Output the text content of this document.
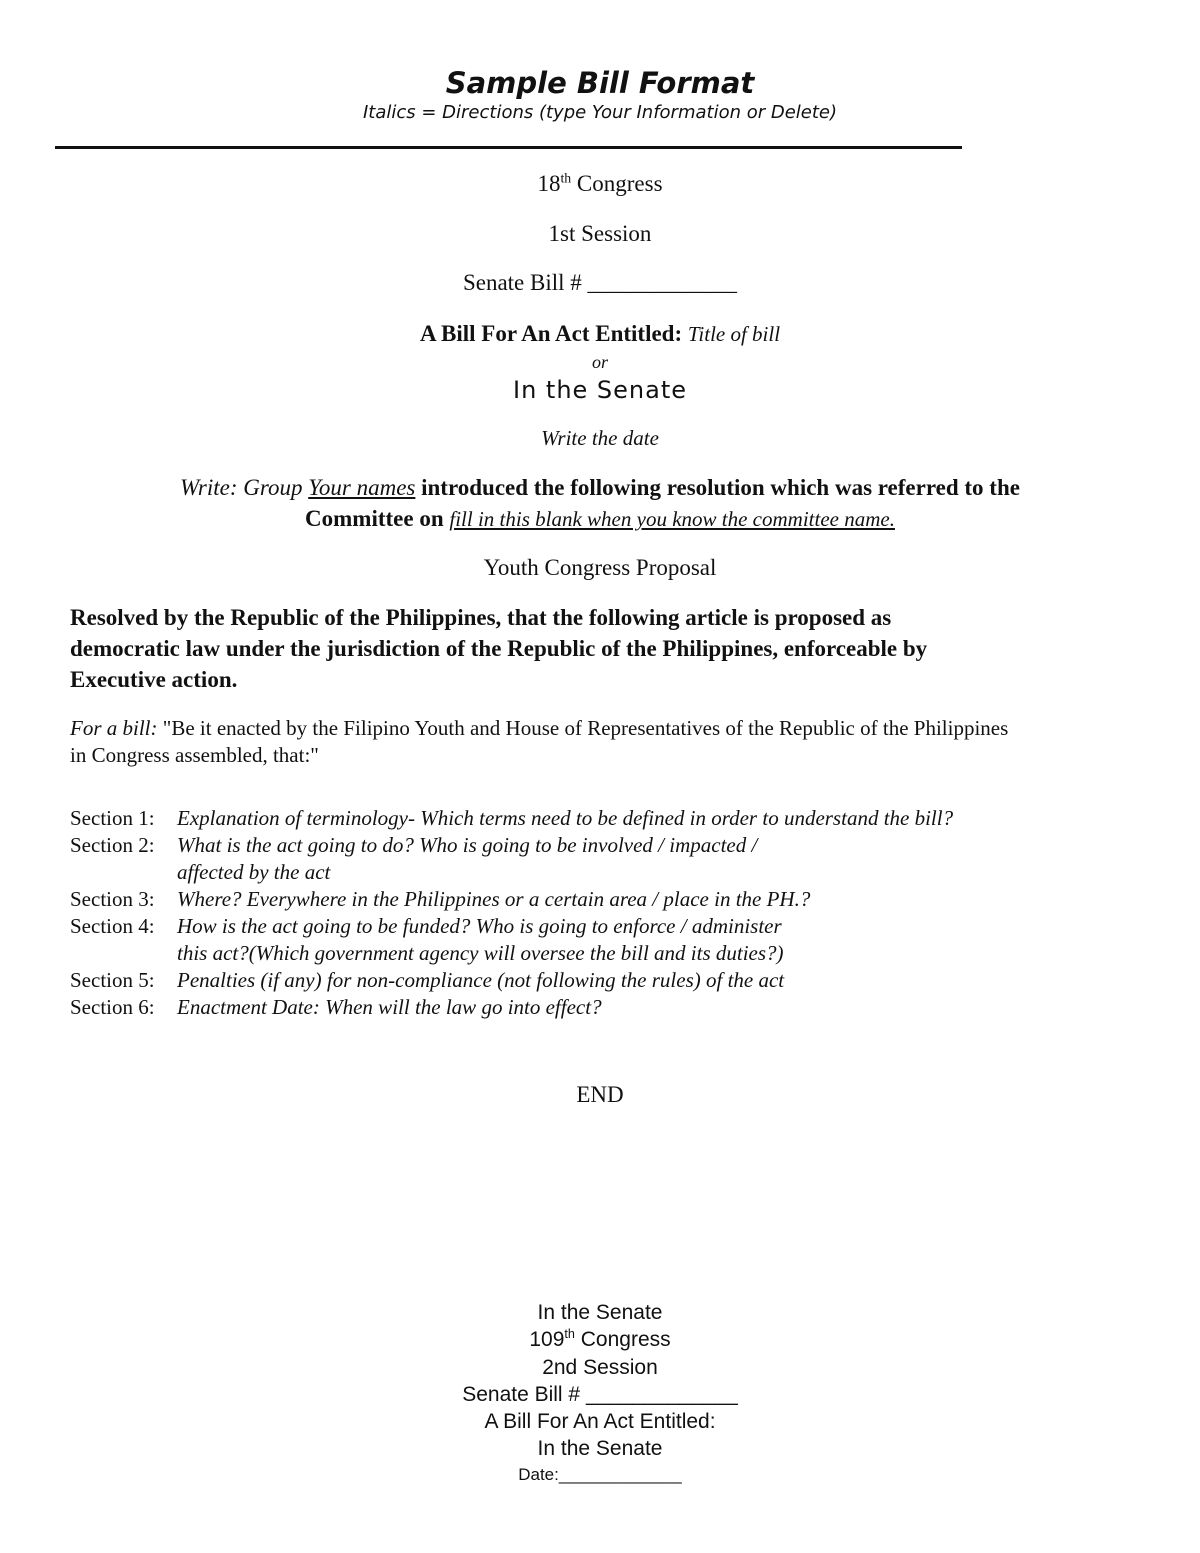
Sample Bill Format
Italics = Directions (type Your Information or Delete)
18th Congress
1st Session
Senate Bill # _____________
A Bill For An Act Entitled: Title of bill
or
In the Senate
Write the date
Write: Group Your names introduced the following resolution which was referred to the
Committee on fill in this blank when you know the committee name.
Youth Congress Proposal
Resolved by the Republic of the Philippines, that the following article is proposed as
democratic law under the jurisdiction of the Republic of the Philippines, enforceable by
Executive action.
For a bill: "Be it enacted by the Filipino Youth and House of Representatives of the Republic of the Philippines
in Congress assembled, that:"
Section 1: Explanation of terminology- Which terms need to be defined in order to understand the bill?
Section 2: What is the act going to do? Who is going to be involved / impacted /
affected by the act
Section 3: Where? Everywhere in the Philippines or a certain area / place in the PH.?
Section 4: How is the act going to be funded? Who is going to enforce / administer
this act?(Which government agency will oversee the bill and its duties?)
Section 5: Penalties (if any) for non-compliance (not following the rules) of the act
Section 6: Enactment Date: When will the law go into effect?
END
In the Senate
109th Congress
2nd Session
Senate Bill # _____________
A Bill For An Act Entitled:
In the Senate
Date:_____________
